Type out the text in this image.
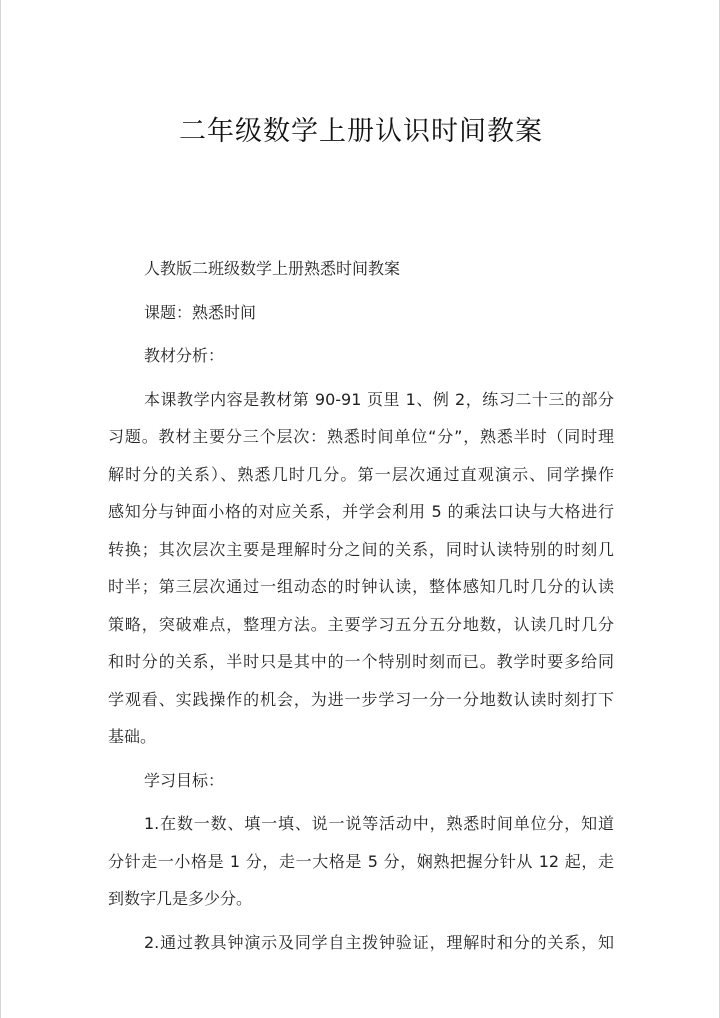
二年级数学上册认识时间教案
人教版二班级数学上册熟悉时间教案
课题：熟悉时间
教材分析：
本课教学内容是教材第 90-91 页里 1、例 2，练习二十三的部分
习题。教材主要分三个层次：熟悉时间单位“分”，熟悉半时（同时理
解时分的关系）、熟悉几时几分。第一层次通过直观演示、同学操作
感知分与钟面小格的对应关系，并学会利用 5 的乘法口诀与大格进行
转换；其次层次主要是理解时分之间的关系，同时认读特别的时刻几
时半；第三层次通过一组动态的时钟认读，整体感知几时几分的认读
策略，突破难点，整理方法。主要学习五分五分地数，认读几时几分
和时分的关系，半时只是其中的一个特别时刻而已。教学时要多给同
学观看、实践操作的机会，为进一步学习一分一分地数认读时刻打下
基础。
学习目标：
1.在数一数、填一填、说一说等活动中，熟悉时间单位分，知道
分针走一小格是 1 分，走一大格是 5 分，娴熟把握分针从 12 起，走
到数字几是多少分。
2.通过教具钟演示及同学自主拨钟验证，理解时和分的关系，知
